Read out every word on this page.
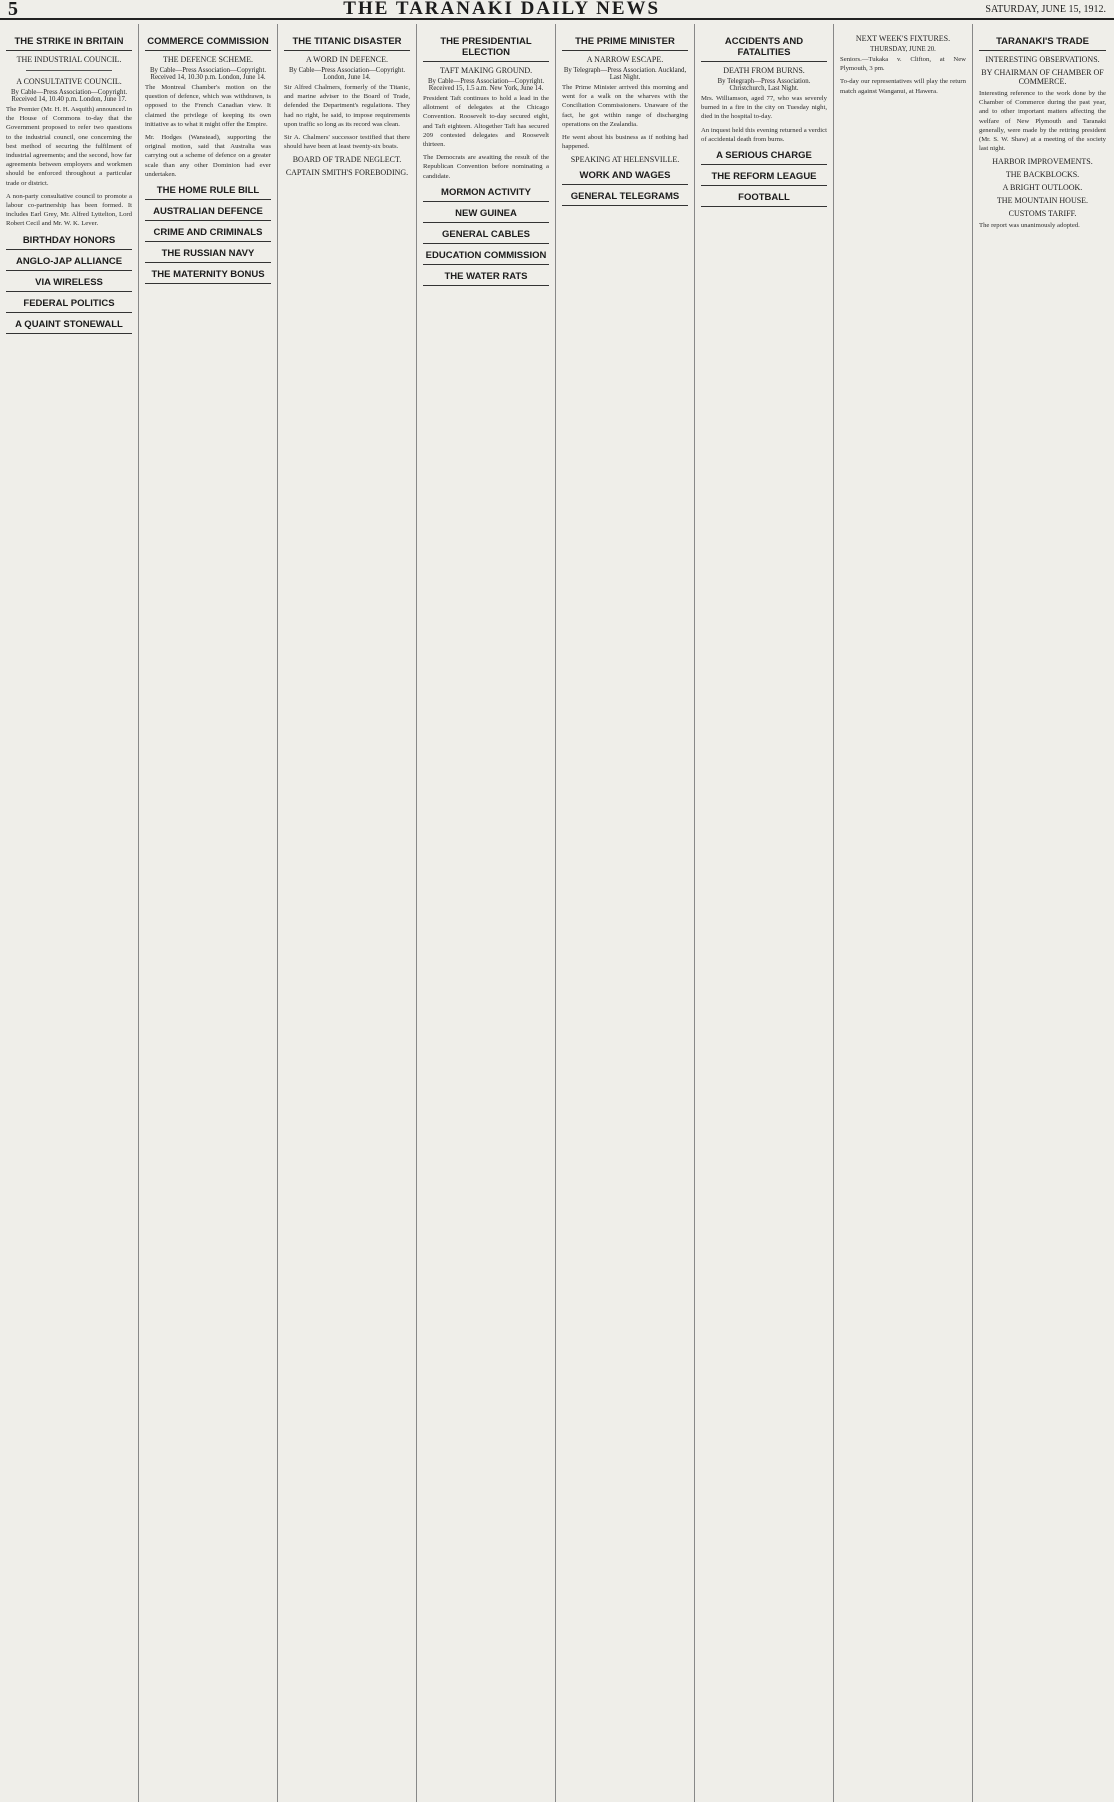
5	THE TARANAKI DAILY NEWS	SATURDAY, JUNE 15, 1912.
THE STRIKE IN BRITAIN
THE INDUSTRIAL COUNCIL.
A CONSULTATIVE COUNCIL.
By Cable—Press Association—Copyright. Received 14, 10.40 p.m. London, June 17.

The Premier (Mr. H. H. Asquith) announced in the House of Commons to-day that the Government proposed to refer two questions to the industrial council, one concerning the best method of securing the fulfilment of industrial agreements; and the second, how far agreements between employers and workmen should be enforced throughout a particular trade or district.

A non-party consultative council to promote a labour co-partnership has been formed. It includes Earl Grey, Mr. Alfred Lyttelton, Lord Robert Cecil and Mr. W. K. Lever.

BIRTHDAY HONORS
ANGLO-JAP ALLIANCE
VIA WIRELESS
FEDERAL POLITICS
A QUAINT STONEWALL
COMMERCE COMMISSION
THE DEFENCE SCHEME.
By Cable—Press Association—Copyright. Received 14, 10.30 p.m. London, June 14.

The Montreal Chamber's motion on the question of defence, which was withdrawn, is opposed to the French Canadian view. It claimed the privilege of keeping its own initiative as to what it might offer the Empire.

Mr. Hodges (Wanstead), supporting the original motion, said that Australia was carrying out a scheme of defence on a greater scale than any other Dominion had ever undertaken.

THE HOME RULE BILL
AUSTRALIAN DEFENCE
CRIME AND CRIMINALS
THE RUSSIAN NAVY
THE MATERNITY BONUS
THE TITANIC DISASTER
A WORD IN DEFENCE.
By Cable—Press Association—Copyright. London, June 14.

Sir Alfred Chalmers, formerly of the Titanic, and marine adviser to the Board of Trade, defended the Department's regulations. They had no right, he said, to impose requirements upon traffic so long as its record was clean.

Sir A. Chalmers' successor testified that there should have been at least twenty-six boats.

BOARD OF TRADE NEGLECT.
CAPTAIN SMITH'S FOREBODING.
THE PRESIDENTIAL ELECTION
TAFT MAKING GROUND.
By Cable—Press Association—Copyright. Received 15, 1.5 a.m. New York, June 14.

President Taft continues to hold a lead in the allotment of delegates at the Chicago Convention. Roosevelt to-day secured eight, and Taft eighteen. Altogether Taft has secured 209 contested delegates and Roosevelt thirteen.

The Democrats are awaiting the result of the Republican Convention before nominating a candidate.

MORMON ACTIVITY
NEW GUINEA
GENERAL CABLES
EDUCATION COMMISSION
THE WATER RATS
THE PRIME MINISTER
A NARROW ESCAPE.
By Telegraph—Press Association. Auckland, Last Night.

The Prime Minister arrived this morning and went for a walk on the wharves with the Conciliation Commissioners. Unaware of the fact, he got within range of discharging operations on the Zealandia.

He went about his business as if nothing had happened.

SPEAKING AT HELENSVILLE.
WORK AND WAGES
GENERAL TELEGRAMS
ACCIDENTS AND FATALITIES
DEATH FROM BURNS.
By Telegraph—Press Association. Christchurch, Last Night.

Mrs. Williamson, aged 77, who was severely burned in a fire in the city on Tuesday night, died in the hospital to-day.

An inquest held this evening returned a verdict of accidental death from burns.

A SERIOUS CHARGE
THE REFORM LEAGUE
FOOTBALL
NEXT WEEK'S FIXTURES.
THURSDAY, JUNE 20.

Seniors.—Tukaka v. Clifton, at New Plymouth, 3 pm.

To-day our representatives will play the return match against Wanganui, at Hawera.

TARANAKI'S TRADE
INTERESTING OBSERVATIONS.
BY CHAIRMAN OF CHAMBER OF COMMERCE.

Interesting reference to the work done by the Chamber of Commerce during the past year, and to other important matters affecting the welfare of New Plymouth and Taranaki generally, were made by the retiring president (Mr. S. W. Shaw) at a meeting of the society last night.

HARBOR IMPROVEMENTS.
THE BACKBLOCKS.
A BRIGHT OUTLOOK.
THE MOUNTAIN HOUSE.
CUSTOMS TARIFF.

The report was unanimously adopted.
